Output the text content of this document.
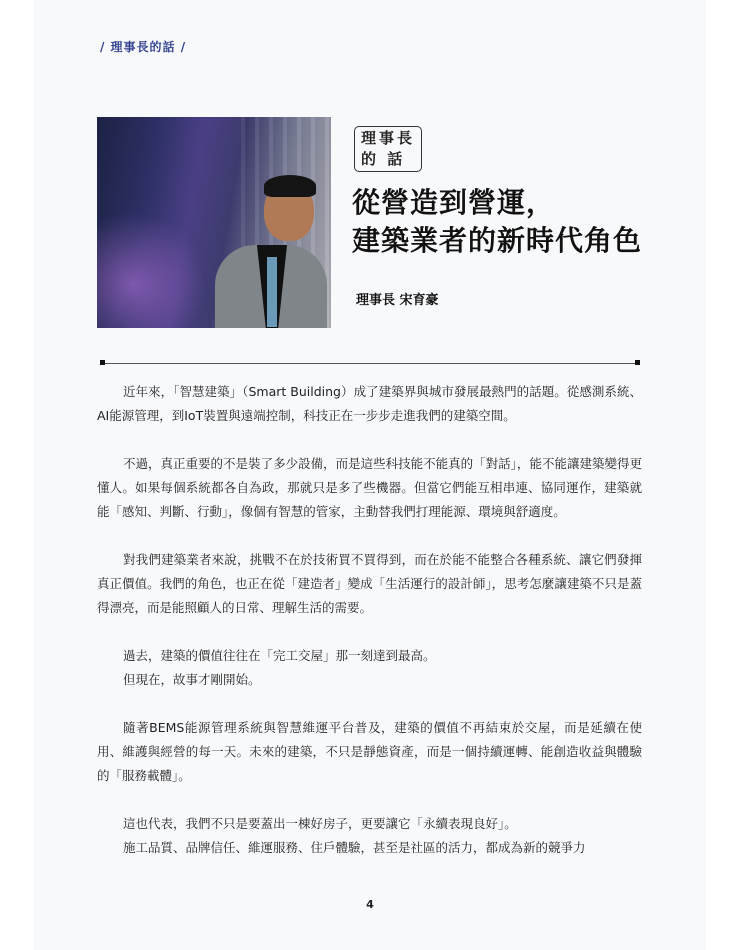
/ 理事長的話 /
理事長
的 話
從營造到營運，
建築業者的新時代角色
理事長 宋育豪

近年來，「智慧建築」（Smart Building）成了建築界與城市發展最熱門的話題。從感測系統、AI能源管理，到IoT裝置與遠端控制，科技正在一步步走進我們的建築空間。

不過，真正重要的不是裝了多少設備，而是這些科技能不能真的「對話」，能不能讓建築變得更懂人。如果每個系統都各自為政，那就只是多了些機器。但當它們能互相串連、協同運作，建築就能「感知、判斷、行動」，像個有智慧的管家，主動替我們打理能源、環境與舒適度。

對我們建築業者來說，挑戰不在於技術買不買得到，而在於能不能整合各種系統、讓它們發揮真正價值。我們的角色，也正在從「建造者」變成「生活運行的設計師」，思考怎麼讓建築不只是蓋得漂亮，而是能照顧人的日常、理解生活的需要。

過去，建築的價值往往在「完工交屋」那一刻達到最高。

但現在，故事才剛開始。

隨著BEMS能源管理系統與智慧維運平台普及，建築的價值不再結束於交屋，而是延續在使用、維護與經營的每一天。未來的建築，不只是靜態資產，而是一個持續運轉、能創造收益與體驗的「服務載體」。

這也代表，我們不只是要蓋出一棟好房子，更要讓它「永續表現良好」。

施工品質、品牌信任、維運服務、住戶體驗，甚至是社區的活力，都成為新的競爭力

4
